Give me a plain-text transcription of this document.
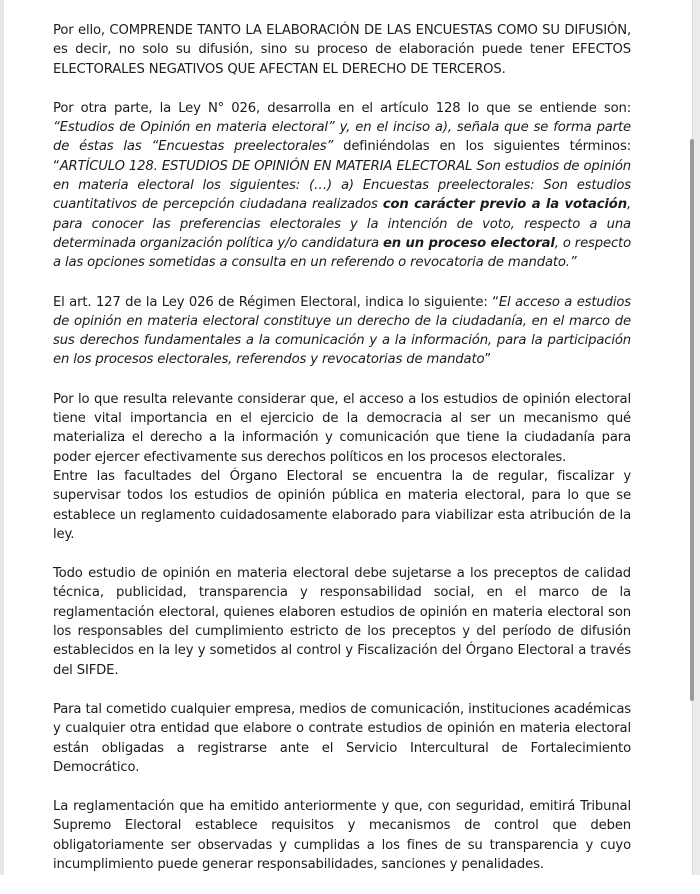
Por ello, COMPRENDE TANTO LA ELABORACIÓN DE LAS ENCUESTAS COMO SU DIFUSIÓN, es decir, no solo su difusión, sino su proceso de elaboración puede tener EFECTOS ELECTORALES NEGATIVOS QUE AFECTAN EL DERECHO DE TERCEROS.

Por otra parte, la Ley N° 026, desarrolla en el artículo 128 lo que se entiende son: “Estudios de Opinión en materia electoral” y, en el inciso a), señala que se forma parte de éstas las “Encuestas preelectorales” definiéndolas en los siguientes términos: “ARTÍCULO 128. ESTUDIOS DE OPINIÓN EN MATERIA ELECTORAL Son estudios de opinión en materia electoral los siguientes: (…) a) Encuestas preelectorales: Son estudios cuantitativos de percepción ciudadana realizados con carácter previo a la votación, para conocer las preferencias electorales y la intención de voto, respecto a una determinada organización política y/o candidatura en un proceso electoral, o respecto a las opciones sometidas a consulta en un referendo o revocatoria de mandato.”

El art. 127 de la Ley 026 de Régimen Electoral, indica lo siguiente: “El acceso a estudios de opinión en materia electoral constituye un derecho de la ciudadanía, en el marco de sus derechos fundamentales a la comunicación y a la información, para la participación en los procesos electorales, referendos y revocatorias de mandato”

Por lo que resulta relevante considerar que, el acceso a los estudios de opinión electoral tiene vital importancia en el ejercicio de la democracia al ser un mecanismo qué materializa el derecho a la información y comunicación que tiene la ciudadanía para poder ejercer efectivamente sus derechos políticos en los procesos electorales.

Entre las facultades del Órgano Electoral se encuentra la de regular, fiscalizar y supervisar todos los estudios de opinión pública en materia electoral, para lo que se establece un reglamento cuidadosamente elaborado para viabilizar esta atribución de la ley.

Todo estudio de opinión en materia electoral debe sujetarse a los preceptos de calidad técnica, publicidad, transparencia y responsabilidad social, en el marco de la reglamentación electoral, quienes elaboren estudios de opinión en materia electoral son los responsables del cumplimiento estricto de los preceptos y del período de difusión establecidos en la ley y sometidos al control y Fiscalización del Órgano Electoral a través del SIFDE.

Para tal cometido cualquier empresa, medios de comunicación, instituciones académicas y cualquier otra entidad que elabore o contrate estudios de opinión en materia electoral están obligadas a registrarse ante el Servicio Intercultural de Fortalecimiento Democrático.

La reglamentación que ha emitido anteriormente y que, con seguridad, emitirá Tribunal Supremo Electoral establece requisitos y mecanismos de control que deben obligatoriamente ser observadas y cumplidas a los fines de su transparencia y cuyo incumplimiento puede generar responsabilidades, sanciones y penalidades.
